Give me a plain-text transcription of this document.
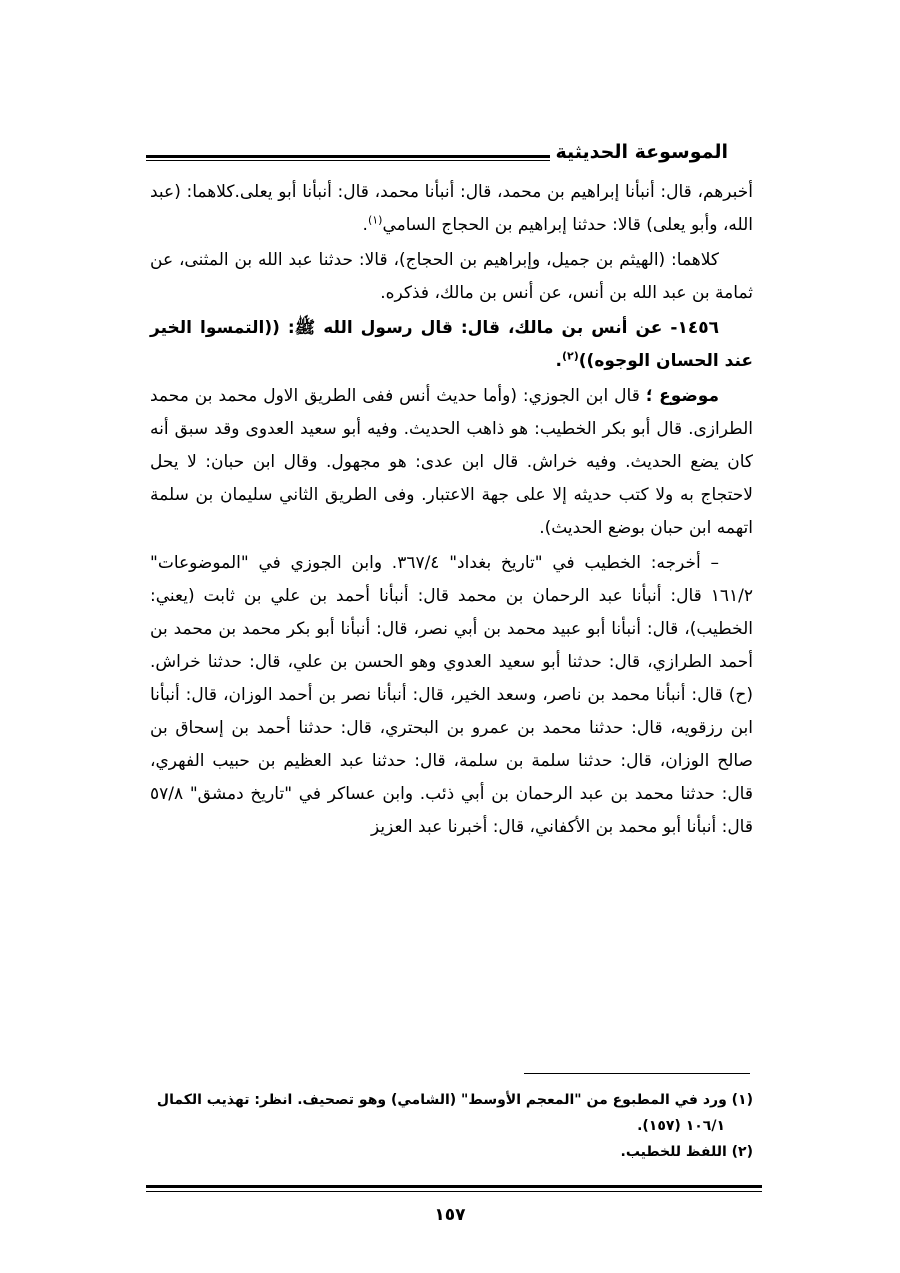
الموسوعة الحديثية

أخبرهم، قال: أنبأنا إبراهيم بن محمد، قال: أنبأنا محمد، قال: أنبأنا أبو يعلى.كلاهما: (عبد الله، وأبو يعلى) قالا: حدثنا إبراهيم بن الحجاج السامي$^{(١)}$.

كلاهما: (الهيثم بن جميل، وإبراهيم بن الحجاج)، قالا: حدثنا عبد الله بن المثنى، عن ثمامة بن عبد الله بن أنس، عن أنس بن مالك، فذكره.

١٤٥٦- عن أنس بن مالك، قال: قال رسول الله ﷺ: ((التمسوا الخير عند الحسان الوجوه))$^{(٢)}$.

موضوع ؛ قال ابن الجوزي: (وأما حديث أنس ففى الطريق الاول محمد بن محمد الطرازى. قال أبو بكر الخطيب: هو ذاهب الحديث. وفيه أبو سعيد العدوى وقد سبق أنه كان يضع الحديث. وفيه خراش. قال ابن عدى: هو مجهول. وقال ابن حبان: لا يحل لاحتجاج به ولا كتب حديثه إلا على جهة الاعتبار. وفى الطريق الثاني سليمان بن سلمة اتهمه ابن حبان بوضع الحديث).

– أخرجه: الخطيب في "تاريخ بغداد" ٣٦٧/٤. وابن الجوزي في "الموضوعات" ١٦١/٢ قال: أنبأنا عبد الرحمان بن محمد قال: أنبأنا أحمد بن علي بن ثابت (يعني: الخطيب)، قال: أنبأنا أبو عبيد محمد بن أبي نصر، قال: أنبأنا أبو بكر محمد بن محمد بن أحمد الطرازي، قال: حدثنا أبو سعيد العدوي وهو الحسن بن علي، قال: حدثنا خراش. (ح) قال: أنبأنا محمد بن ناصر، وسعد الخير، قال: أنبأنا نصر بن أحمد الوزان، قال: أنبأنا ابن رزقويه، قال: حدثنا محمد بن عمرو بن البحتري، قال: حدثنا أحمد بن إسحاق بن صالح الوزان، قال: حدثنا سلمة بن سلمة، قال: حدثنا عبد العظيم بن حبيب الفهري، قال: حدثنا محمد بن عبد الرحمان بن أبي ذئب. وابن عساكر في "تاريخ دمشق" ٥٧/٨ قال: أنبأنا أبو محمد بن الأكفاني، قال: أخبرنا عبد العزيز

(١) ورد في المطبوع من "المعجم الأوسط" (الشامي) وهو تصحيف. انظر: تهذيب الكمال

١٠٦/١ (١٥٧).

(٢) اللفظ للخطيب.

١٥٧
